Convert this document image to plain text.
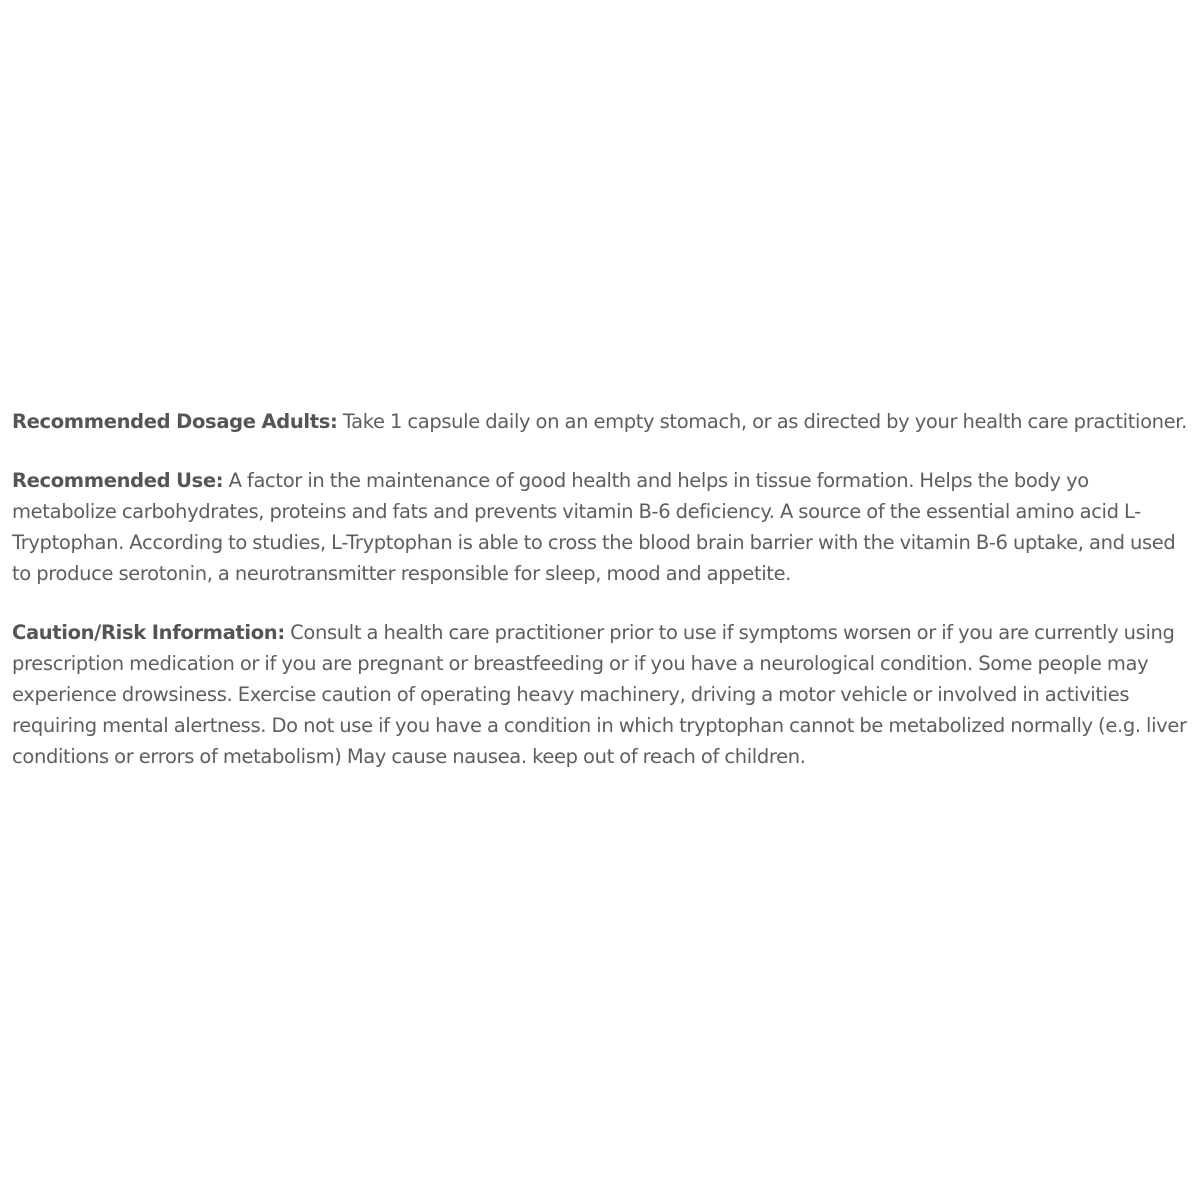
Recommended Dosage Adults: Take 1 capsule daily on an empty stomach, or as directed by your health care practitioner.

Recommended Use: A factor in the maintenance of good health and helps in tissue formation. Helps the body yo metabolize carbohydrates, proteins and fats and prevents vitamin B-6 deficiency. A source of the essential amino acid L-Tryptophan. According to studies, L-Tryptophan is able to cross the blood brain barrier with the vitamin B-6 uptake, and used to produce serotonin, a neurotransmitter responsible for sleep, mood and appetite.

Caution/Risk Information: Consult a health care practitioner prior to use if symptoms worsen or if you are currently using prescription medication or if you are pregnant or breastfeeding or if you have a neurological condition. Some people may experience drowsiness. Exercise caution of operating heavy machinery, driving a motor vehicle or involved in activities requiring mental alertness. Do not use if you have a condition in which tryptophan cannot be metabolized normally (e.g. liver conditions or errors of metabolism) May cause nausea. keep out of reach of children.
